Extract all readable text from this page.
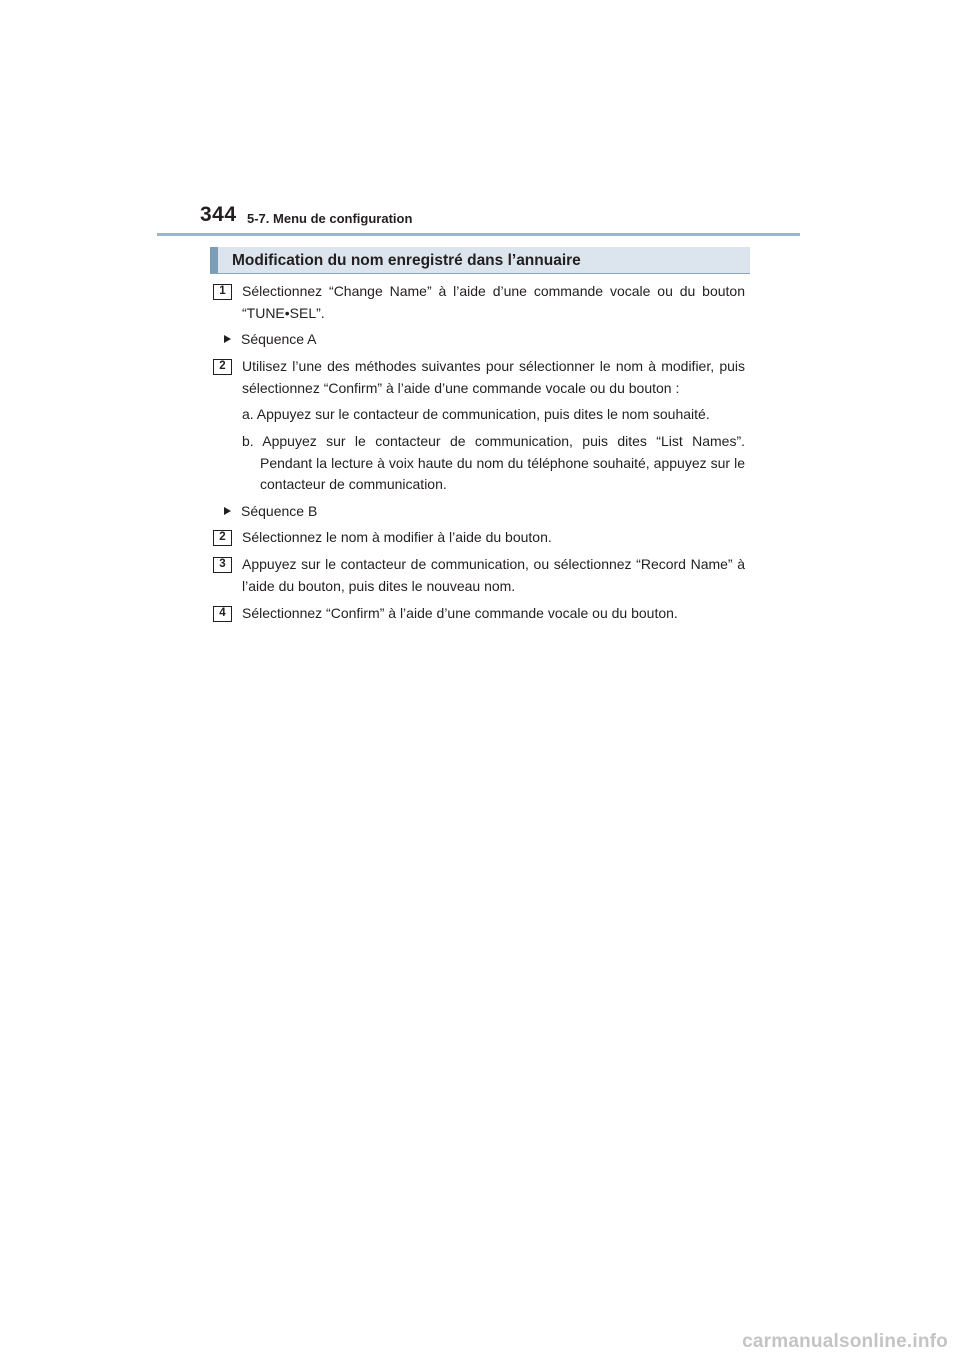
344 5-7. Menu de configuration
Modification du nom enregistré dans l’annuaire
1	Sélectionnez “Change Name” à l’aide d’une commande vocale ou du bouton “TUNE•SEL”.
Séquence A
2	Utilisez l’une des méthodes suivantes pour sélectionner le nom à modifier, puis sélectionnez “Confirm” à l’aide d’une commande vocale ou du bouton :
a. Appuyez sur le contacteur de communication, puis dites le nom souhaité.
b. Appuyez sur le contacteur de communication, puis dites “List Names”. Pendant la lecture à voix haute du nom du téléphone souhaité, appuyez sur le contacteur de communication.
Séquence B
2	Sélectionnez le nom à modifier à l’aide du bouton.
3	Appuyez sur le contacteur de communication, ou sélectionnez “Record Name” à l’aide du bouton, puis dites le nouveau nom.
4	Sélectionnez “Confirm” à l’aide d’une commande vocale ou du bouton.
carmanualsonline.info
